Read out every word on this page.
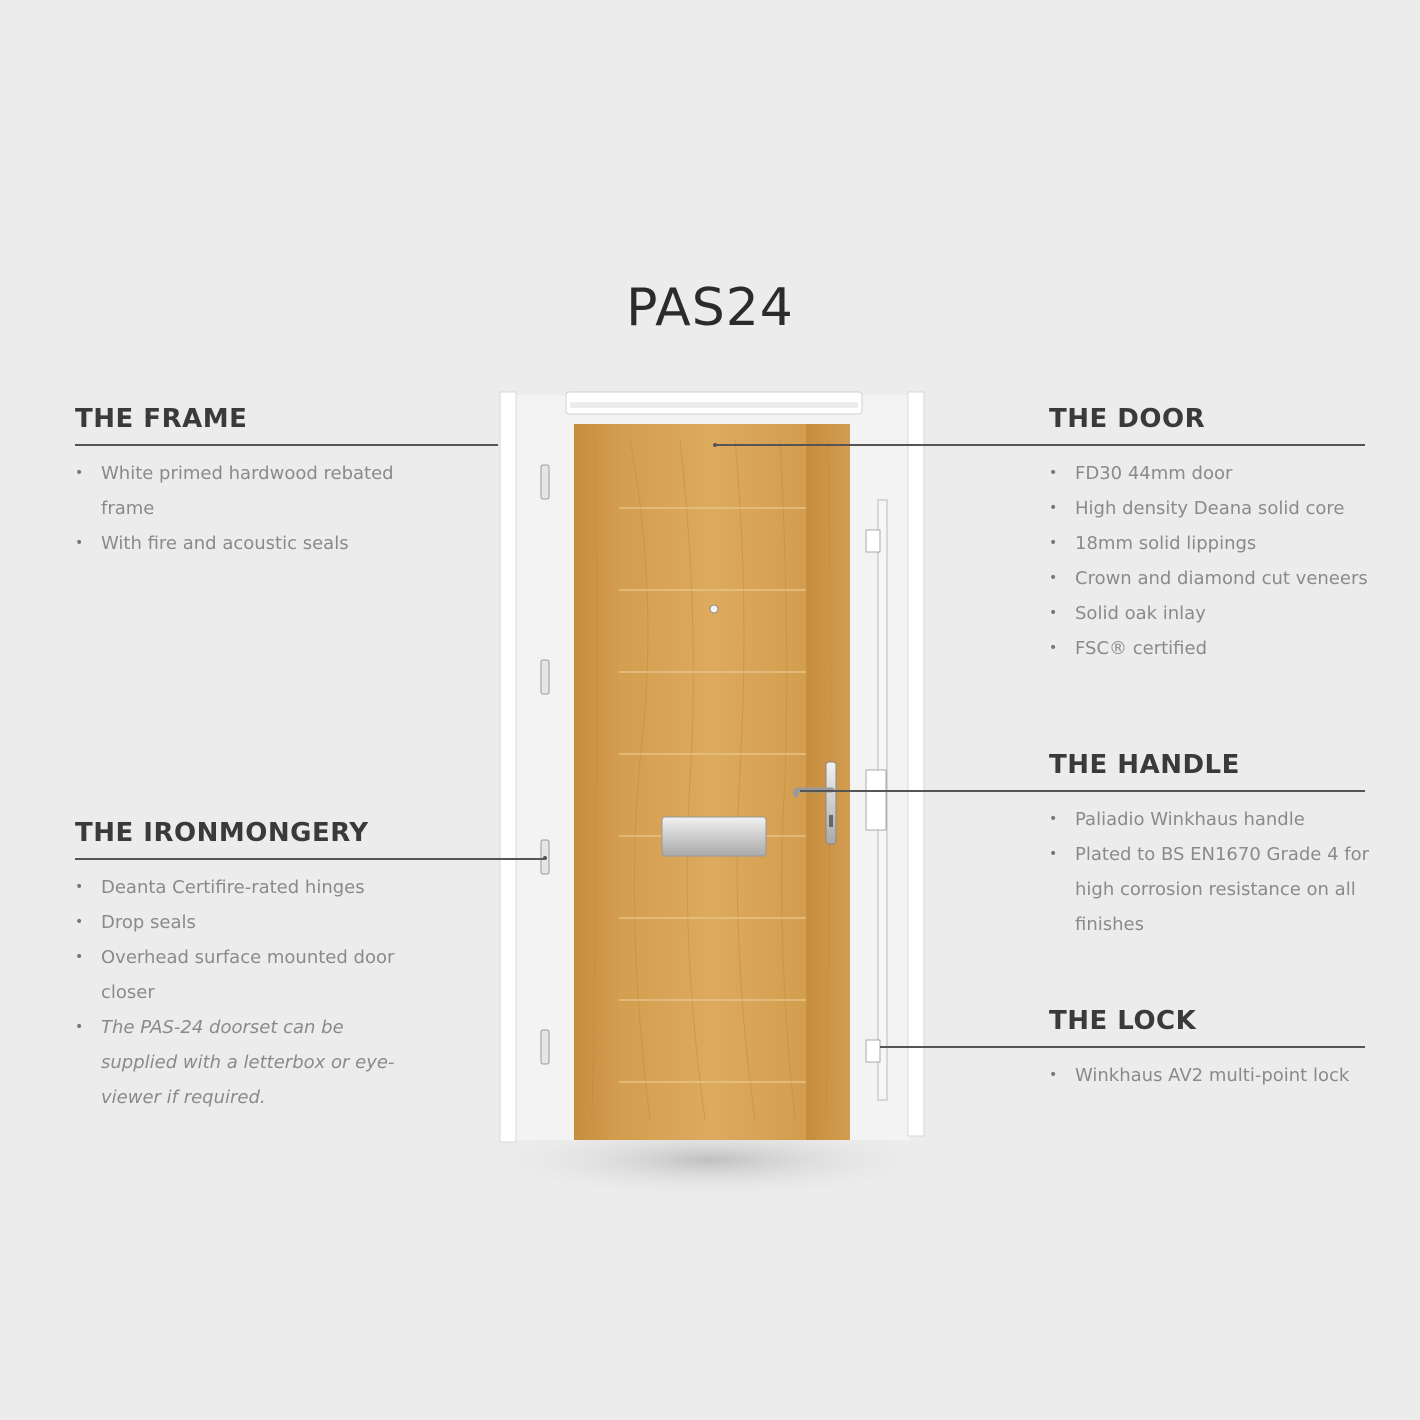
PAS24
THE FRAME
• White primed hardwood rebated frame
• With fire and acoustic seals
THE IRONMONGERY
• Deanta Certifire-rated hinges
• Drop seals
• Overhead surface mounted door closer
• The PAS-24 doorset can be supplied with a letterbox or eye-viewer if required.
THE DOOR
• FD30 44mm door
• High density Deana solid core
• 18mm solid lippings
• Crown and diamond cut veneers
• Solid oak inlay
• FSC® certified
THE HANDLE
• Paliadio Winkhaus handle
• Plated to BS EN1670 Grade 4 for high corrosion resistance on all finishes
THE LOCK
• Winkhaus AV2 multi-point lock
